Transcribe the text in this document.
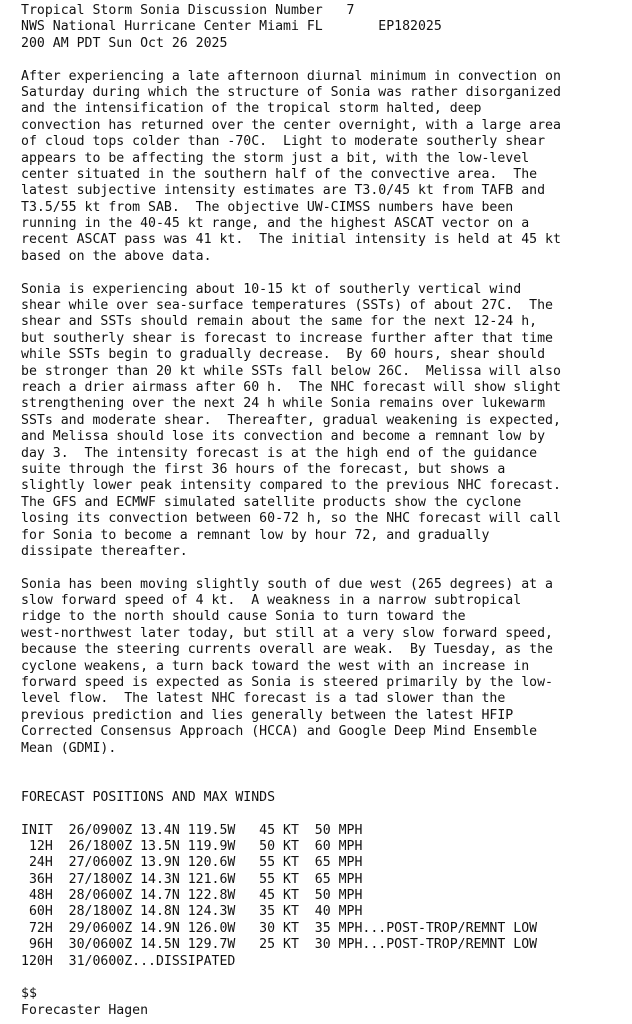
Tropical Storm Sonia Discussion Number   7
NWS National Hurricane Center Miami FL       EP182025
200 AM PDT Sun Oct 26 2025
After experiencing a late afternoon diurnal minimum in convection on
Saturday during which the structure of Sonia was rather disorganized
and the intensification of the tropical storm halted, deep
convection has returned over the center overnight, with a large area
of cloud tops colder than -70C.  Light to moderate southerly shear
appears to be affecting the storm just a bit, with the low-level
center situated in the southern half of the convective area.  The
latest subjective intensity estimates are T3.0/45 kt from TAFB and
T3.5/55 kt from SAB.  The objective UW-CIMSS numbers have been
running in the 40-45 kt range, and the highest ASCAT vector on a
recent ASCAT pass was 41 kt.  The initial intensity is held at 45 kt
based on the above data.
Sonia is experiencing about 10-15 kt of southerly vertical wind
shear while over sea-surface temperatures (SSTs) of about 27C.  The
shear and SSTs should remain about the same for the next 12-24 h,
but southerly shear is forecast to increase further after that time
while SSTs begin to gradually decrease.  By 60 hours, shear should
be stronger than 20 kt while SSTs fall below 26C.  Melissa will also
reach a drier airmass after 60 h.  The NHC forecast will show slight
strengthening over the next 24 h while Sonia remains over lukewarm
SSTs and moderate shear.  Thereafter, gradual weakening is expected,
and Melissa should lose its convection and become a remnant low by
day 3.  The intensity forecast is at the high end of the guidance
suite through the first 36 hours of the forecast, but shows a
slightly lower peak intensity compared to the previous NHC forecast.
The GFS and ECMWF simulated satellite products show the cyclone
losing its convection between 60-72 h, so the NHC forecast will call
for Sonia to become a remnant low by hour 72, and gradually
dissipate thereafter.
Sonia has been moving slightly south of due west (265 degrees) at a
slow forward speed of 4 kt.  A weakness in a narrow subtropical
ridge to the north should cause Sonia to turn toward the
west-northwest later today, but still at a very slow forward speed,
because the steering currents overall are weak.  By Tuesday, as the
cyclone weakens, a turn back toward the west with an increase in
forward speed is expected as Sonia is steered primarily by the low-
level flow.  The latest NHC forecast is a tad slower than the
previous prediction and lies generally between the latest HFIP
Corrected Consensus Approach (HCCA) and Google Deep Mind Ensemble
Mean (GDMI).
FORECAST POSITIONS AND MAX WINDS
INIT  26/0900Z 13.4N 119.5W   45 KT  50 MPH
12H  26/1800Z 13.5N 119.9W   50 KT  60 MPH
24H  27/0600Z 13.9N 120.6W   55 KT  65 MPH
36H  27/1800Z 14.3N 121.6W   55 KT  65 MPH
48H  28/0600Z 14.7N 122.8W   45 KT  50 MPH
60H  28/1800Z 14.8N 124.3W   35 KT  40 MPH
72H  29/0600Z 14.9N 126.0W   30 KT  35 MPH...POST-TROP/REMNT LOW
96H  30/0600Z 14.5N 129.7W   25 KT  30 MPH...POST-TROP/REMNT LOW
120H  31/0600Z...DISSIPATED
$$
Forecaster Hagen
